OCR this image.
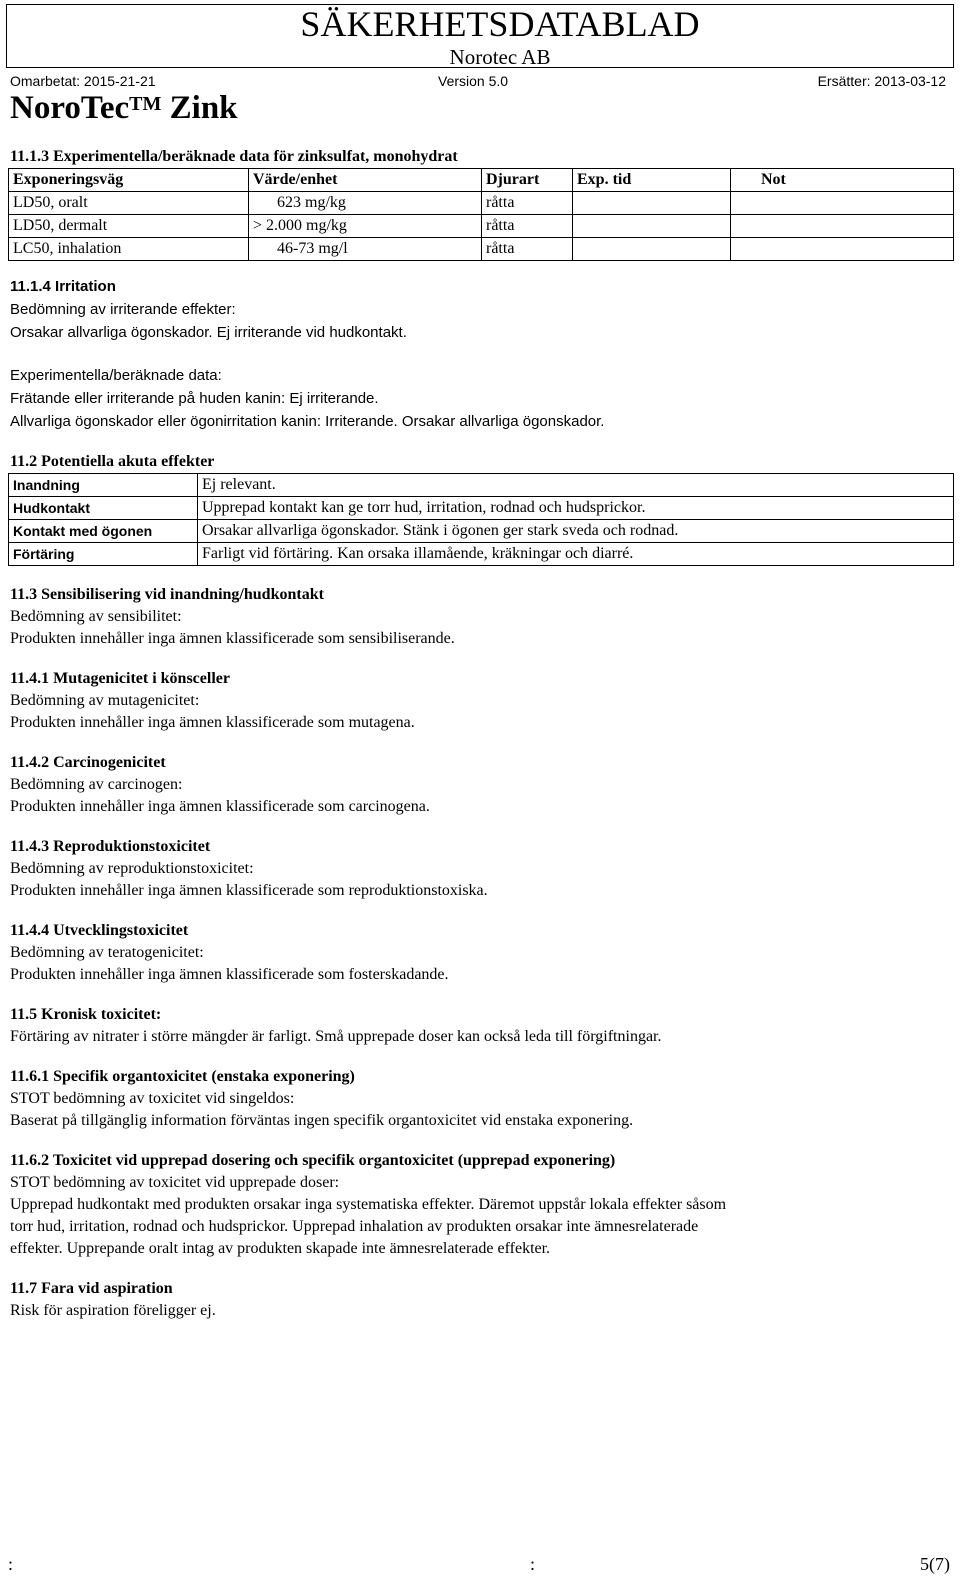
SÄKERHETSDATABLAD
Norotec AB
Omarbetat: 2015-21-21	Version 5.0	Ersätter: 2013-03-12
NoroTec™ Zink
11.1.3 Experimentella/beräknade data för zinksulfat, monohydrat
Exponeringsväg	Värde/enhet	Djurart	Exp. tid	Not
LD50, oralt	623 mg/kg	råtta		
LD50, dermalt	> 2.000 mg/kg	råtta		
LC50, inhalation	46-73 mg/l	råtta		
11.1.4 Irritation
Bedömning av irriterande effekter:
Orsakar allvarliga ögonskador. Ej irriterande vid hudkontakt.
Experimentella/beräknade data:
Frätande eller irriterande på huden kanin: Ej irriterande.
Allvarliga ögonskador eller ögonirritation kanin: Irriterande. Orsakar allvarliga ögonskador.
11.2 Potentiella akuta effekter
Inandning	Ej relevant.
Hudkontakt	Upprepad kontakt kan ge torr hud, irritation, rodnad och hudsprickor.
Kontakt med ögonen	Orsakar allvarliga ögonskador. Stänk i ögonen ger stark sveda och rodnad.
Förtäring	Farligt vid förtäring. Kan orsaka illamående, kräkningar och diarré.
11.3 Sensibilisering vid inandning/hudkontakt
Bedömning av sensibilitet:
Produkten innehåller inga ämnen klassificerade som sensibiliserande.
11.4.1 Mutagenicitet i könsceller
Bedömning av mutagenicitet:
Produkten innehåller inga ämnen klassificerade som mutagena.
11.4.2 Carcinogenicitet
Bedömning av carcinogen:
Produkten innehåller inga ämnen klassificerade som carcinogena.
11.4.3 Reproduktionstoxicitet
Bedömning av reproduktionstoxicitet:
Produkten innehåller inga ämnen klassificerade som reproduktionstoxiska.
11.4.4 Utvecklingstoxicitet
Bedömning av teratogenicitet:
Produkten innehåller inga ämnen klassificerade som fosterskadande.
11.5 Kronisk toxicitet:
Förtäring av nitrater i större mängder är farligt. Små upprepade doser kan också leda till förgiftningar.
11.6.1 Specifik organtoxicitet (enstaka exponering)
STOT bedömning av toxicitet vid singeldos:
Baserat på tillgänglig information förväntas ingen specifik organtoxicitet vid enstaka exponering.
11.6.2 Toxicitet vid upprepad dosering och specifik organtoxicitet (upprepad exponering)
STOT bedömning av toxicitet vid upprepade doser:
Upprepad hudkontakt med produkten orsakar inga systematiska effekter. Däremot uppstår lokala effekter såsom
torr hud, irritation, rodnad och hudsprickor. Upprepad inhalation av produkten orsakar inte ämnesrelaterade
effekter. Upprepande oralt intag av produkten skapade inte ämnesrelaterade effekter.
11.7 Fara vid aspiration
Risk för aspiration föreligger ej.
:	:	5(7)
